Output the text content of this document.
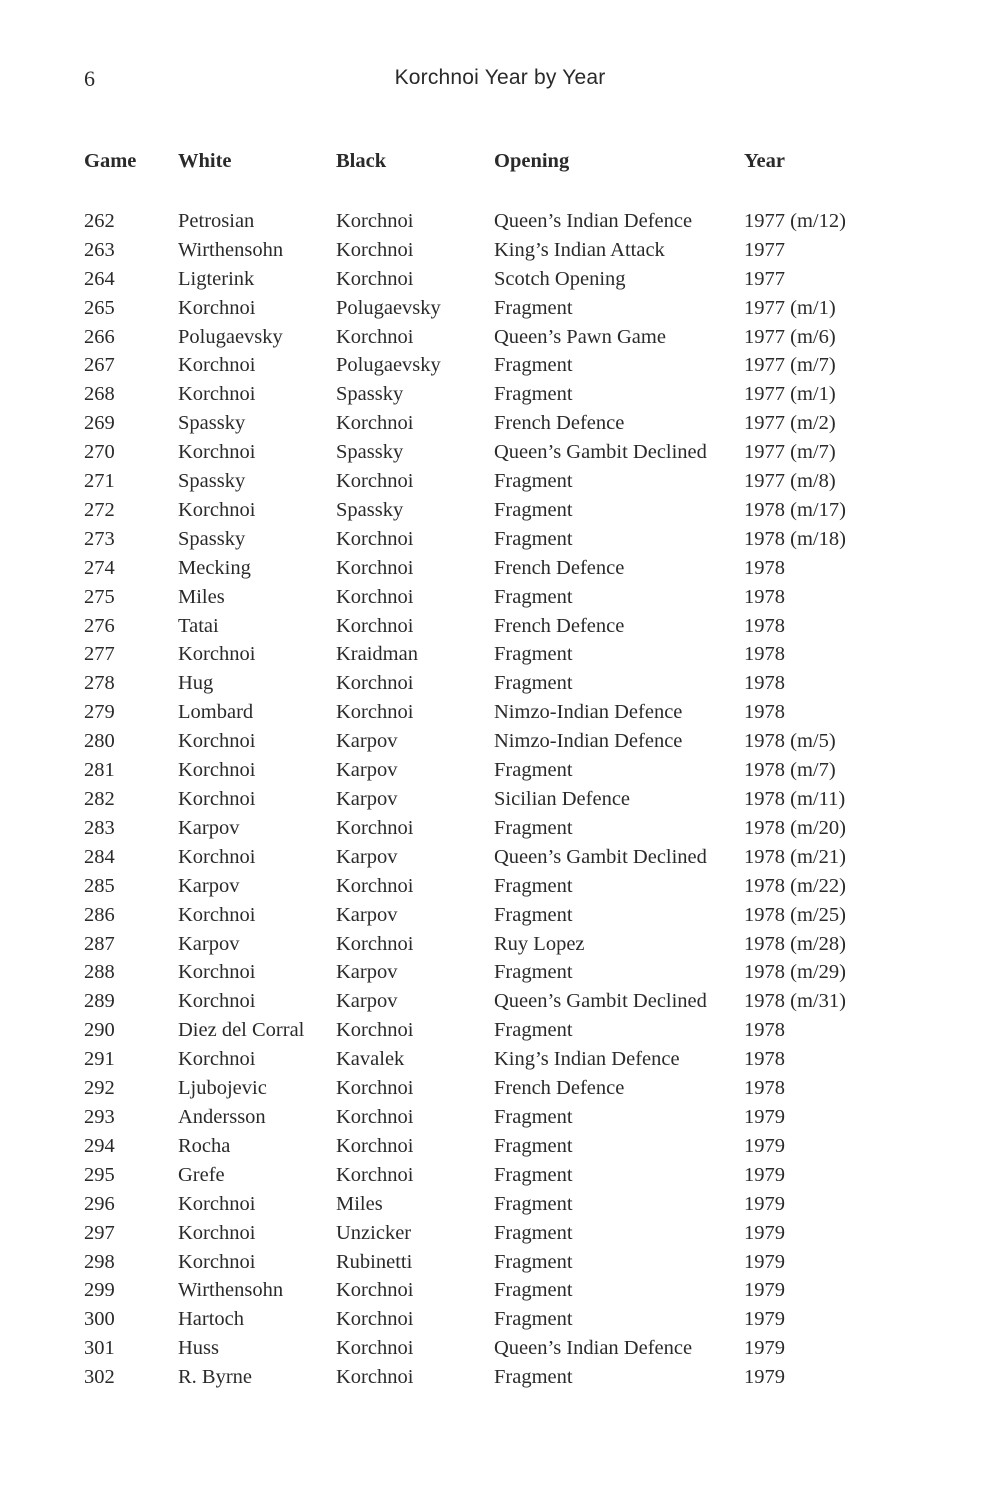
6	Korchnoi Year by Year
Game	White	Black	Opening	Year

262	Petrosian	Korchnoi	Queen’s Indian Defence	1977 (m/12)
263	Wirthensohn	Korchnoi	King’s Indian Attack	1977
264	Ligterink	Korchnoi	Scotch Opening	1977
265	Korchnoi	Polugaevsky	Fragment	1977 (m/1)
266	Polugaevsky	Korchnoi	Queen’s Pawn Game	1977 (m/6)
267	Korchnoi	Polugaevsky	Fragment	1977 (m/7)
268	Korchnoi	Spassky	Fragment	1977 (m/1)
269	Spassky	Korchnoi	French Defence	1977 (m/2)
270	Korchnoi	Spassky	Queen’s Gambit Declined	1977 (m/7)
271	Spassky	Korchnoi	Fragment	1977 (m/8)
272	Korchnoi	Spassky	Fragment	1978 (m/17)
273	Spassky	Korchnoi	Fragment	1978 (m/18)
274	Mecking	Korchnoi	French Defence	1978
275	Miles	Korchnoi	Fragment	1978
276	Tatai	Korchnoi	French Defence	1978
277	Korchnoi	Kraidman	Fragment	1978
278	Hug	Korchnoi	Fragment	1978
279	Lombard	Korchnoi	Nimzo-Indian Defence	1978
280	Korchnoi	Karpov	Nimzo-Indian Defence	1978 (m/5)
281	Korchnoi	Karpov	Fragment	1978 (m/7)
282	Korchnoi	Karpov	Sicilian Defence	1978 (m/11)
283	Karpov	Korchnoi	Fragment	1978 (m/20)
284	Korchnoi	Karpov	Queen’s Gambit Declined	1978 (m/21)
285	Karpov	Korchnoi	Fragment	1978 (m/22)
286	Korchnoi	Karpov	Fragment	1978 (m/25)
287	Karpov	Korchnoi	Ruy Lopez	1978 (m/28)
288	Korchnoi	Karpov	Fragment	1978 (m/29)
289	Korchnoi	Karpov	Queen’s Gambit Declined	1978 (m/31)
290	Diez del Corral	Korchnoi	Fragment	1978
291	Korchnoi	Kavalek	King’s Indian Defence	1978
292	Ljubojevic	Korchnoi	French Defence	1978
293	Andersson	Korchnoi	Fragment	1979
294	Rocha	Korchnoi	Fragment	1979
295	Grefe	Korchnoi	Fragment	1979
296	Korchnoi	Miles	Fragment	1979
297	Korchnoi	Unzicker	Fragment	1979
298	Korchnoi	Rubinetti	Fragment	1979
299	Wirthensohn	Korchnoi	Fragment	1979
300	Hartoch	Korchnoi	Fragment	1979
301	Huss	Korchnoi	Queen’s Indian Defence	1979
302	R. Byrne	Korchnoi	Fragment	1979
